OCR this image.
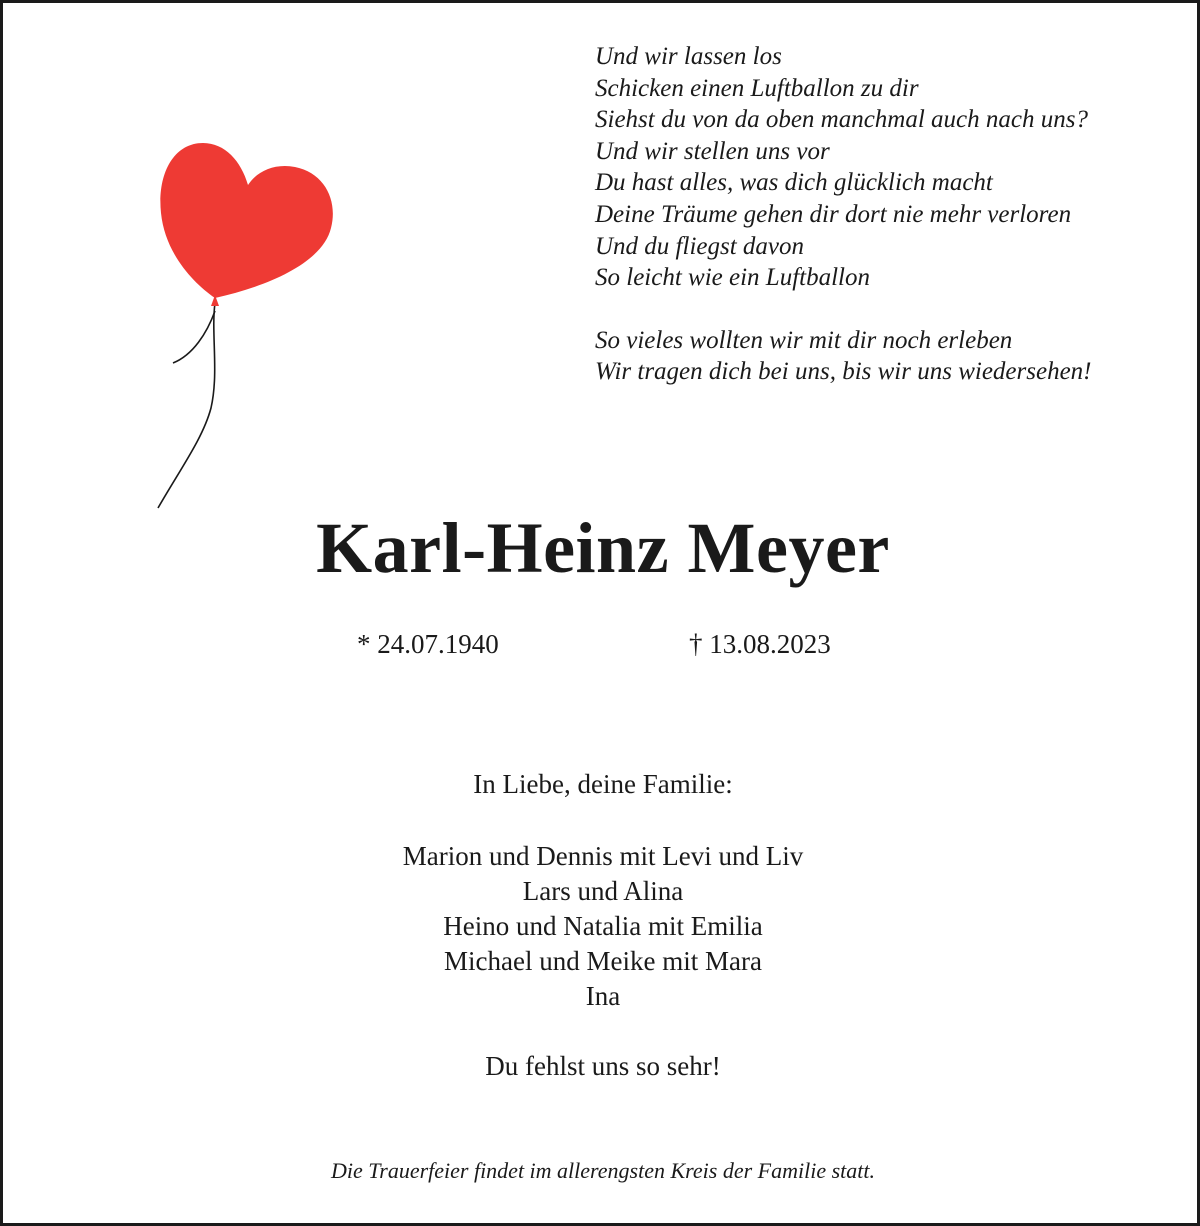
Und wir lassen los
Schicken einen Luftballon zu dir
Siehst du von da oben manchmal auch nach uns?
Und wir stellen uns vor
Du hast alles, was dich glücklich macht
Deine Träume gehen dir dort nie mehr verloren
Und du fliegst davon
So leicht wie ein Luftballon
So vieles wollten wir mit dir noch erleben
Wir tragen dich bei uns, bis wir uns wiedersehen!
Karl-Heinz Meyer
* 24.07.1940	† 13.08.2023
In Liebe, deine Familie:
Marion und Dennis mit Levi und Liv
Lars und Alina
Heino und Natalia mit Emilia
Michael und Meike mit Mara
Ina
Du fehlst uns so sehr!
Die Trauerfeier findet im allerengsten Kreis der Familie statt.
